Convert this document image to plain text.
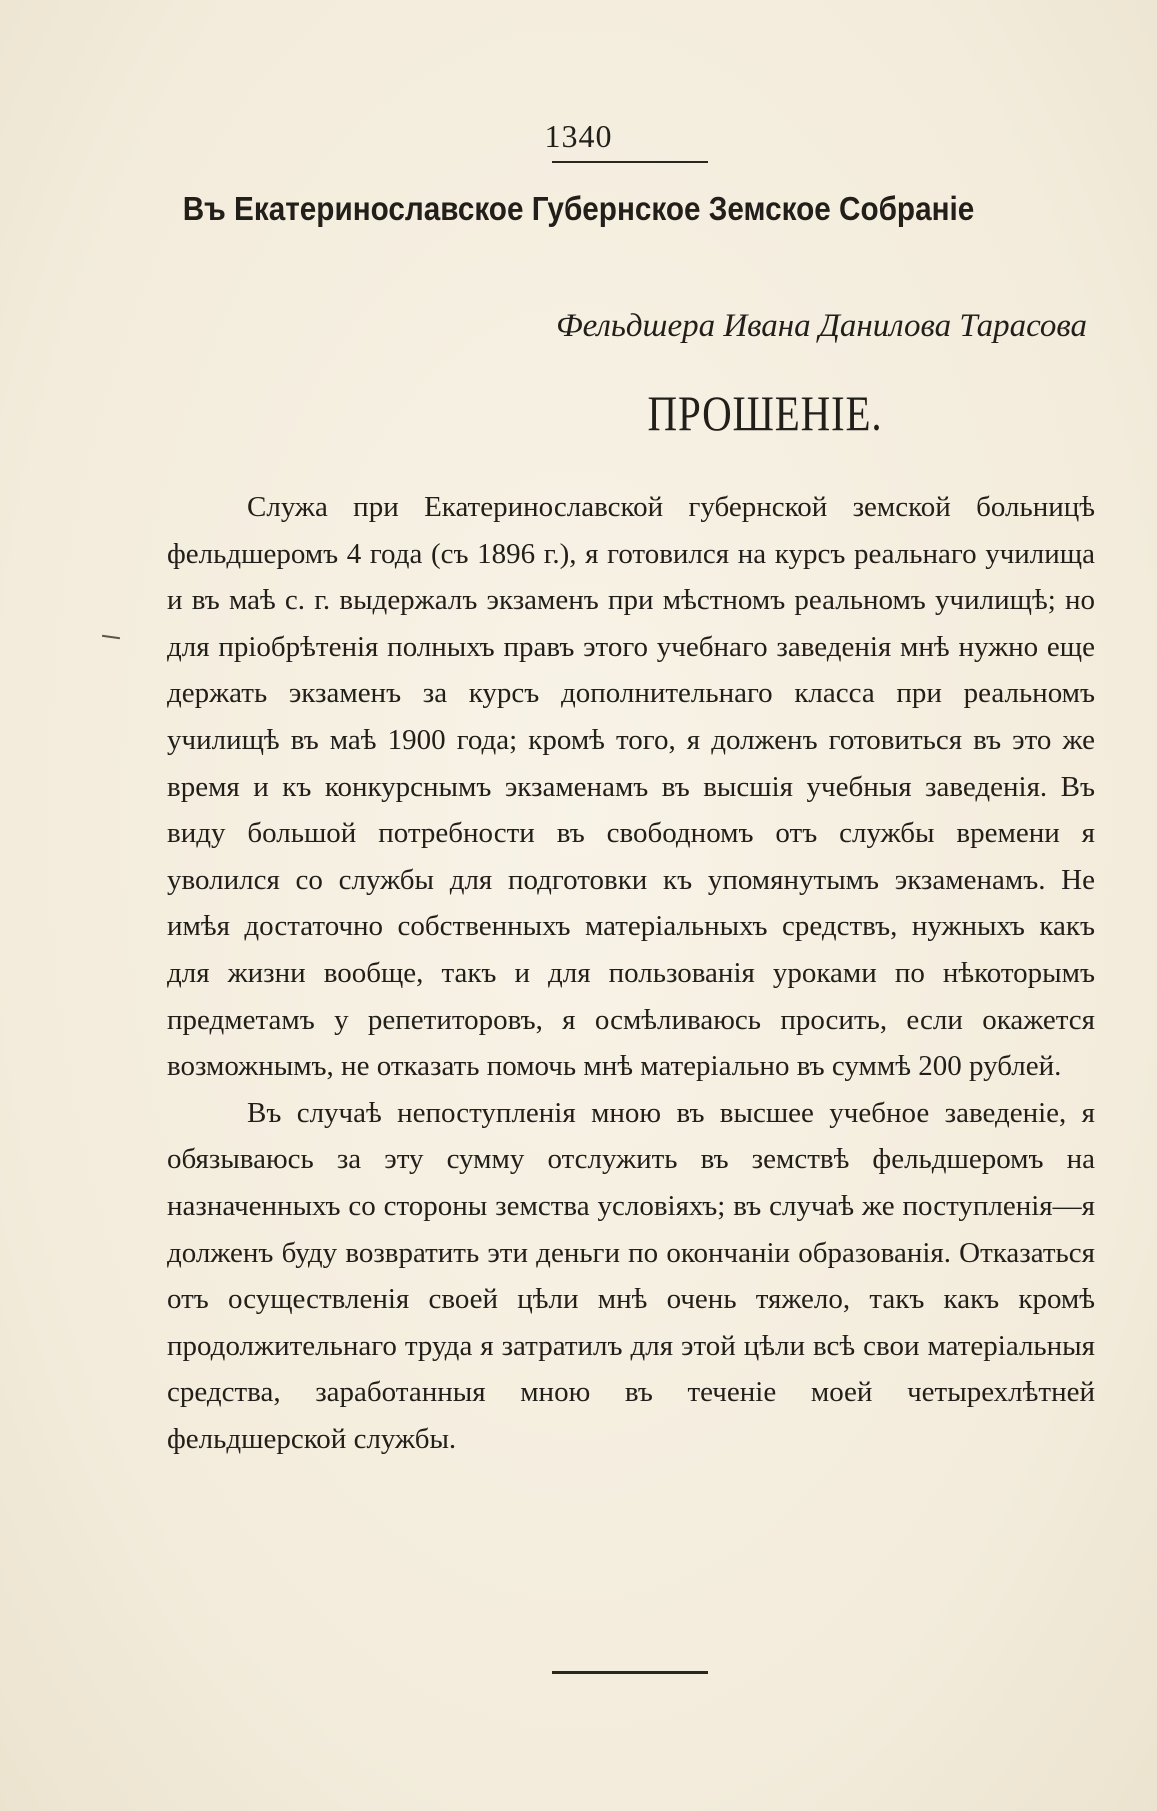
1340
Въ Екатеринославское Губернское Земское Собраніе
Фельдшера Ивана Данилова Тарасова
ПРОШЕНІЕ.

Служа при Екатеринославской губернской земской больницѣ фельдшеромъ 4 года (съ 1896 г.), я готовился на курсъ реальнаго училища и въ маѣ с. г. выдержалъ экзаменъ при мѣстномъ реальномъ училищѣ; но для пріобрѣтенія полныхъ правъ этого учебнаго заведенія мнѣ нужно еще держать экзаменъ за курсъ дополнительнаго класса при реальномъ училищѣ въ маѣ 1900 года; кромѣ того, я долженъ готовиться въ это же время и къ конкурснымъ экзаменамъ въ высшія учебныя заведенія. Въ виду большой потребности въ свободномъ отъ службы времени я уволился со службы для подготовки къ упомянутымъ экзаменамъ. Не имѣя достаточно собственныхъ матеріальныхъ средствъ, нужныхъ какъ для жизни вообще, такъ и для пользованія уроками по нѣкоторымъ предметамъ у репетиторовъ, я осмѣливаюсь просить, если окажется возможнымъ, не отказать помочь мнѣ матеріально въ суммѣ 200 рублей.

Въ случаѣ непоступленія мною въ высшее учебное заведеніе, я обязываюсь за эту сумму отслужить въ земствѣ фельдшеромъ на назначенныхъ со стороны земства условіяхъ; въ случаѣ же поступленія—я долженъ буду возвратить эти деньги по окончаніи образованія. Отказаться отъ осуществленія своей цѣли мнѣ очень тяжело, такъ какъ кромѣ продолжительнаго труда я затратилъ для этой цѣли всѣ свои матеріальныя средства, заработанныя мною въ теченіе моей четырехлѣтней фельдшерской службы.
